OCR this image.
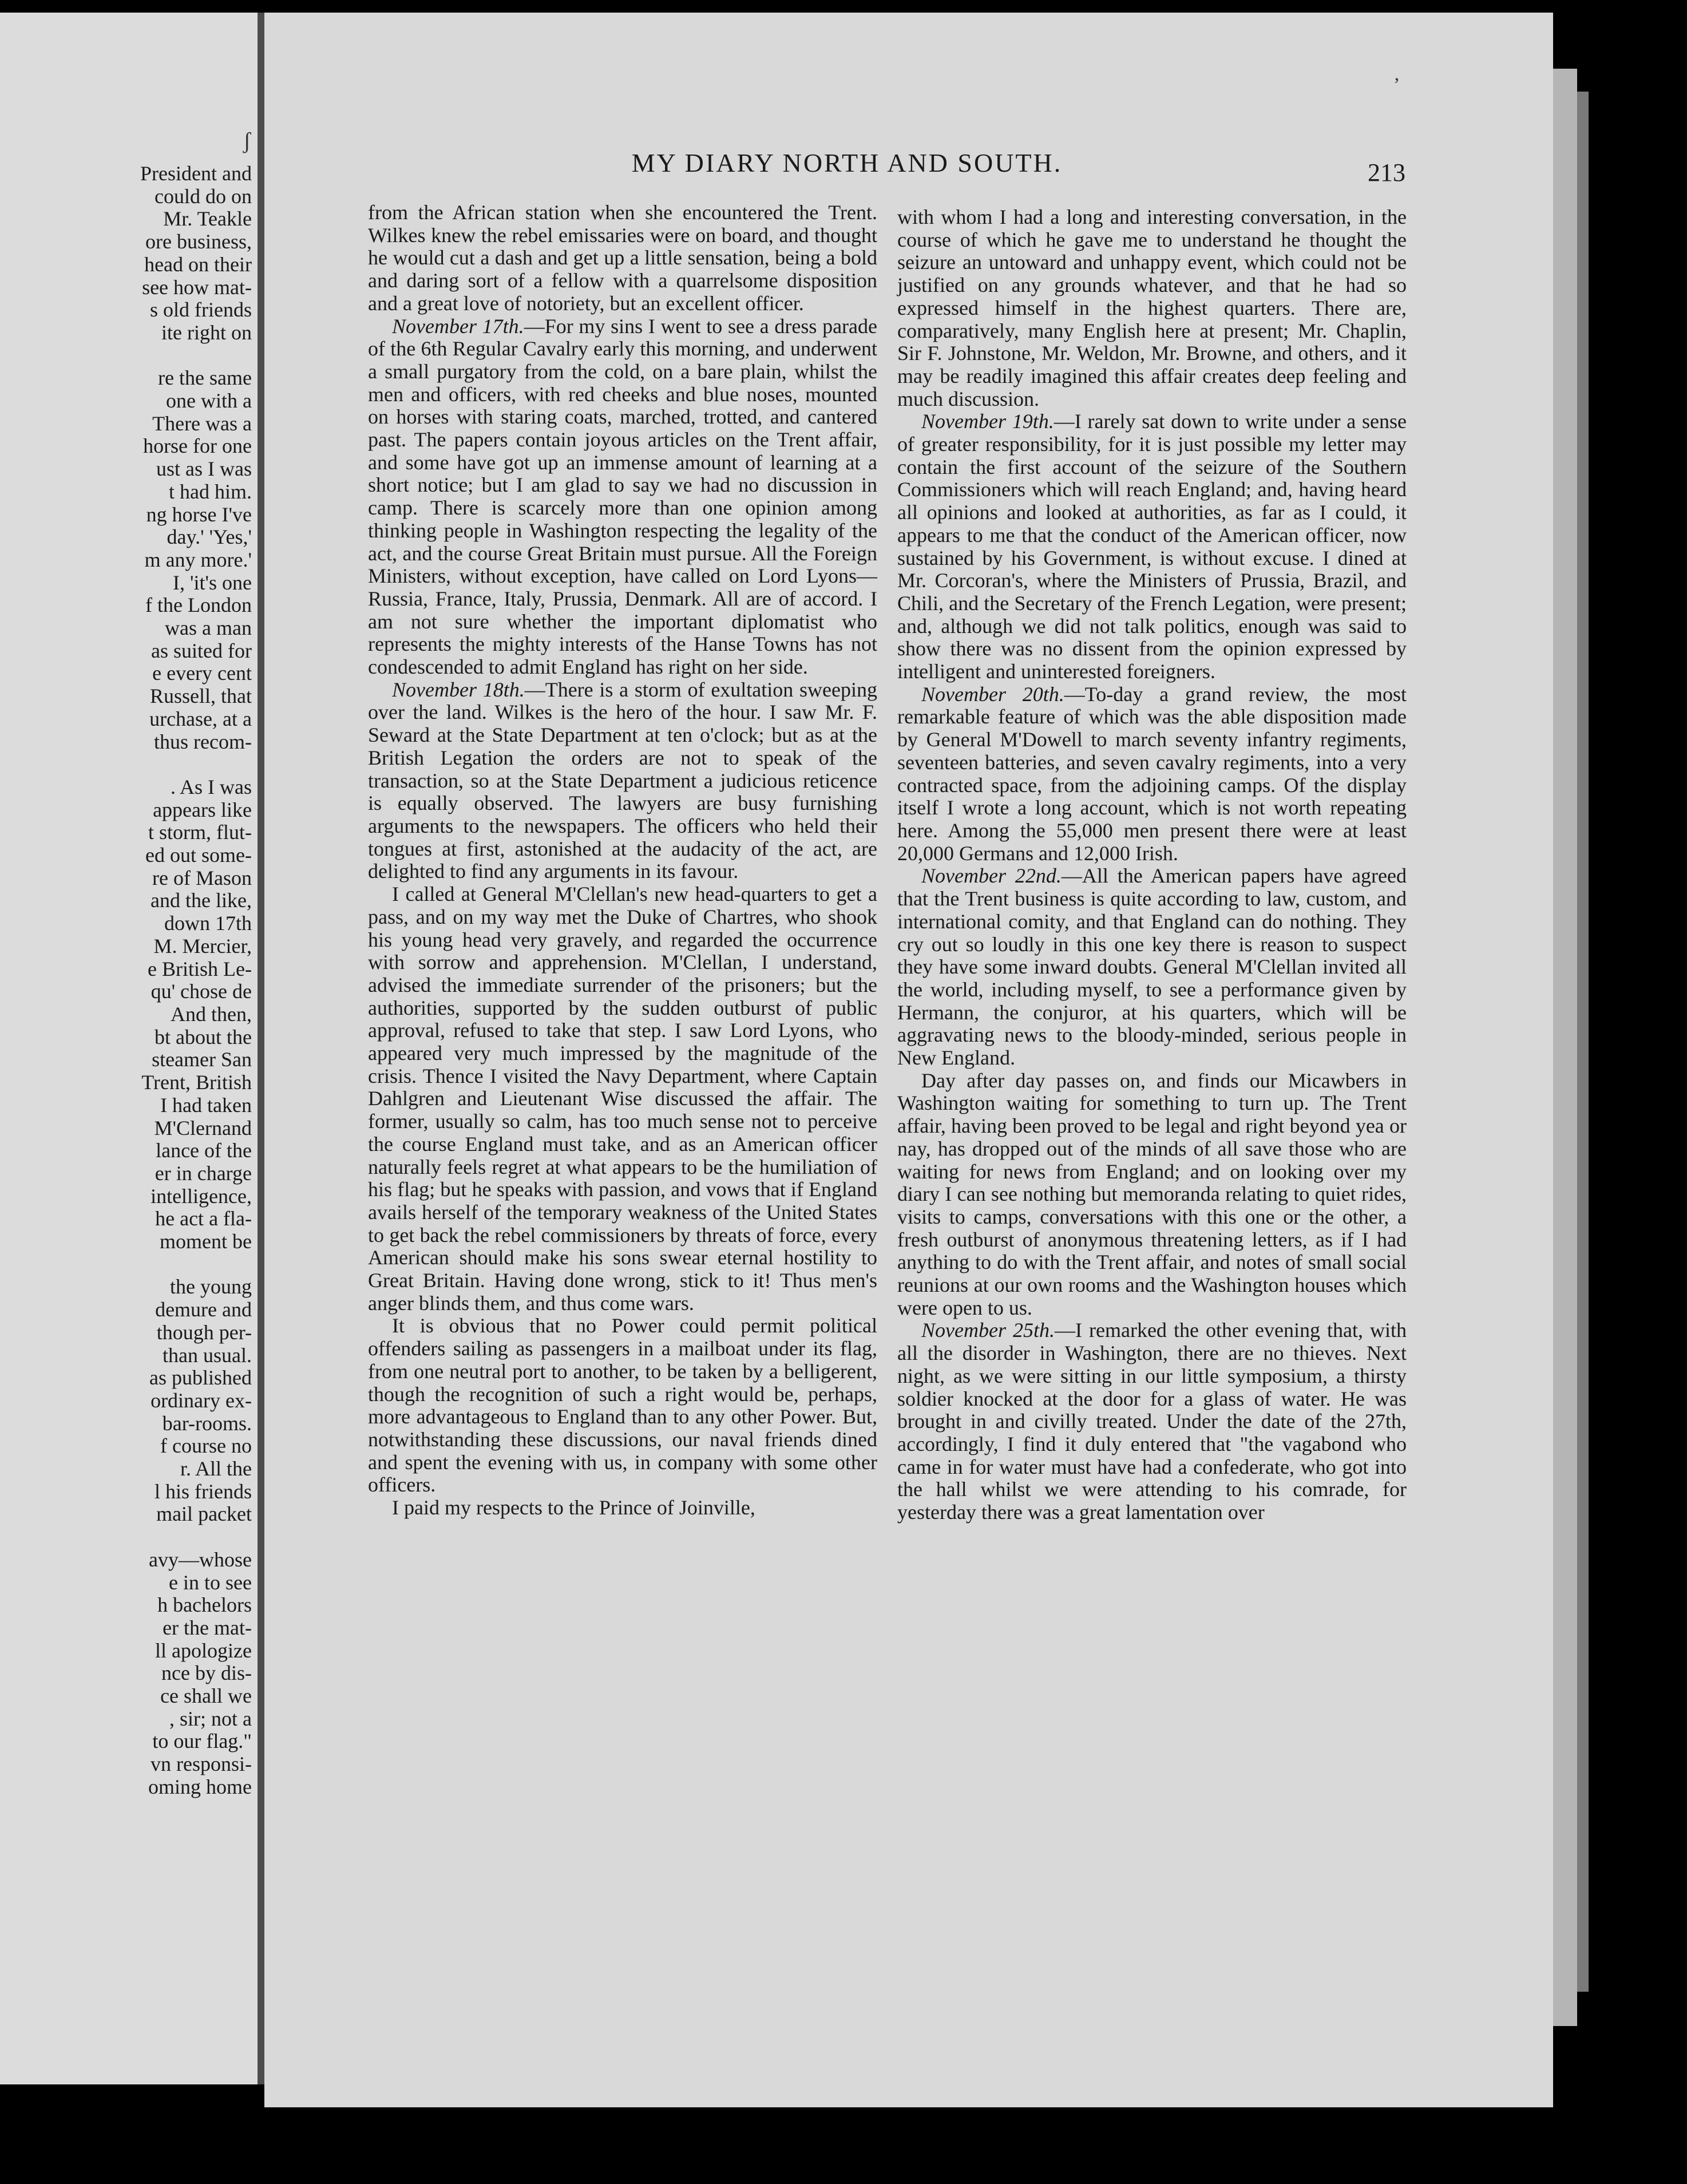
President and
could do on
Mr. Teakle
ore business,
head on their
see how mat-
s old friends
ite right on
re the same
one with a
There was a
horse for one
ust as I was
t had him.
ng horse I've
day.' 'Yes,'
m any more.'
I, 'it's one
f the London
was a man
as suited for
e every cent
Russell, that
urchase, at a
thus recom-
. As I was
appears like
t storm, flut-
ed out some-
re of Mason
and the like,
down 17th
M. Mercier,
e British Le-
qu' chose de
And then,
bt about the
steamer San
Trent, British
I had taken
M'Clernand
lance of the
er in charge
intelligence,
he act a fla-
moment be
the young
demure and
though per-
than usual.
as published
ordinary ex-
bar-rooms.
f course no
r. All the
l his friends
mail packet
avy—whose
e in to see
h bachelors
er the mat-
ll apologize
nce by dis-
ce shall we
, sir; not a
to our flag."
vn responsi-
oming home
MY DIARY NORTH AND SOUTH.	213

from the African station when she encountered the Trent. Wilkes knew the rebel emissaries were on board, and thought he would cut a dash and get up a little sensation, being a bold and daring sort of a fellow with a quarrelsome disposition and a great love of notoriety, but an excellent officer.

November 17th.—For my sins I went to see a dress parade of the 6th Regular Cavalry early this morning, and underwent a small purgatory from the cold, on a bare plain, whilst the men and officers, with red cheeks and blue noses, mounted on horses with staring coats, marched, trotted, and cantered past. The papers contain joyous articles on the Trent affair, and some have got up an immense amount of learning at a short notice; but I am glad to say we had no discussion in camp. There is scarcely more than one opinion among thinking people in Washington respecting the legality of the act, and the course Great Britain must pursue. All the Foreign Ministers, without exception, have called on Lord Lyons—Russia, France, Italy, Prussia, Denmark. All are of accord. I am not sure whether the important diplomatist who represents the mighty interests of the Hanse Towns has not condescended to admit England has right on her side.

November 18th.—There is a storm of exultation sweeping over the land. Wilkes is the hero of the hour. I saw Mr. F. Seward at the State Department at ten o'clock; but as at the British Legation the orders are not to speak of the transaction, so at the State Department a judicious reticence is equally observed. The lawyers are busy furnishing arguments to the newspapers. The officers who held their tongues at first, astonished at the audacity of the act, are delighted to find any arguments in its favour.

I called at General M'Clellan's new head-quarters to get a pass, and on my way met the Duke of Chartres, who shook his young head very gravely, and regarded the occurrence with sorrow and apprehension. M'Clellan, I understand, advised the immediate surrender of the prisoners; but the authorities, supported by the sudden outburst of public approval, refused to take that step. I saw Lord Lyons, who appeared very much impressed by the magnitude of the crisis. Thence I visited the Navy Department, where Captain Dahlgren and Lieutenant Wise discussed the affair. The former, usually so calm, has too much sense not to perceive the course England must take, and as an American officer naturally feels regret at what appears to be the humiliation of his flag; but he speaks with passion, and vows that if England avails herself of the temporary weakness of the United States to get back the rebel commissioners by threats of force, every American should make his sons swear eternal hostility to Great Britain. Having done wrong, stick to it! Thus men's anger blinds them, and thus come wars.

It is obvious that no Power could permit political offenders sailing as passengers in a mailboat under its flag, from one neutral port to another, to be taken by a belligerent, though the recognition of such a right would be, perhaps, more advantageous to England than to any other Power. But, notwithstanding these discussions, our naval friends dined and spent the evening with us, in company with some other officers.

I paid my respects to the Prince of Joinville,

with whom I had a long and interesting conversation, in the course of which he gave me to understand he thought the seizure an untoward and unhappy event, which could not be justified on any grounds whatever, and that he had so expressed himself in the highest quarters. There are, comparatively, many English here at present; Mr. Chaplin, Sir F. Johnstone, Mr. Weldon, Mr. Browne, and others, and it may be readily imagined this affair creates deep feeling and much discussion.

November 19th.—I rarely sat down to write under a sense of greater responsibility, for it is just possible my letter may contain the first account of the seizure of the Southern Commissioners which will reach England; and, having heard all opinions and looked at authorities, as far as I could, it appears to me that the conduct of the American officer, now sustained by his Government, is without excuse. I dined at Mr. Corcoran's, where the Ministers of Prussia, Brazil, and Chili, and the Secretary of the French Legation, were present; and, although we did not talk politics, enough was said to show there was no dissent from the opinion expressed by intelligent and uninterested foreigners.

November 20th.—To-day a grand review, the most remarkable feature of which was the able disposition made by General M'Dowell to march seventy infantry regiments, seventeen batteries, and seven cavalry regiments, into a very contracted space, from the adjoining camps. Of the display itself I wrote a long account, which is not worth repeating here. Among the 55,000 men present there were at least 20,000 Germans and 12,000 Irish.

November 22nd.—All the American papers have agreed that the Trent business is quite according to law, custom, and international comity, and that England can do nothing. They cry out so loudly in this one key there is reason to suspect they have some inward doubts. General M'Clellan invited all the world, including myself, to see a performance given by Hermann, the conjuror, at his quarters, which will be aggravating news to the bloody-minded, serious people in New England.

Day after day passes on, and finds our Micawbers in Washington waiting for something to turn up. The Trent affair, having been proved to be legal and right beyond yea or nay, has dropped out of the minds of all save those who are waiting for news from England; and on looking over my diary I can see nothing but memoranda relating to quiet rides, visits to camps, conversations with this one or the other, a fresh outburst of anonymous threatening letters, as if I had anything to do with the Trent affair, and notes of small social reunions at our own rooms and the Washington houses which were open to us.

November 25th.—I remarked the other evening that, with all the disorder in Washington, there are no thieves. Next night, as we were sitting in our little symposium, a thirsty soldier knocked at the door for a glass of water. He was brought in and civilly treated. Under the date of the 27th, accordingly, I find it duly entered that "the vagabond who came in for water must have had a confederate, who got into the hall whilst we were attending to his comrade, for yesterday there was a great lamentation over

ʃ
ʼ
